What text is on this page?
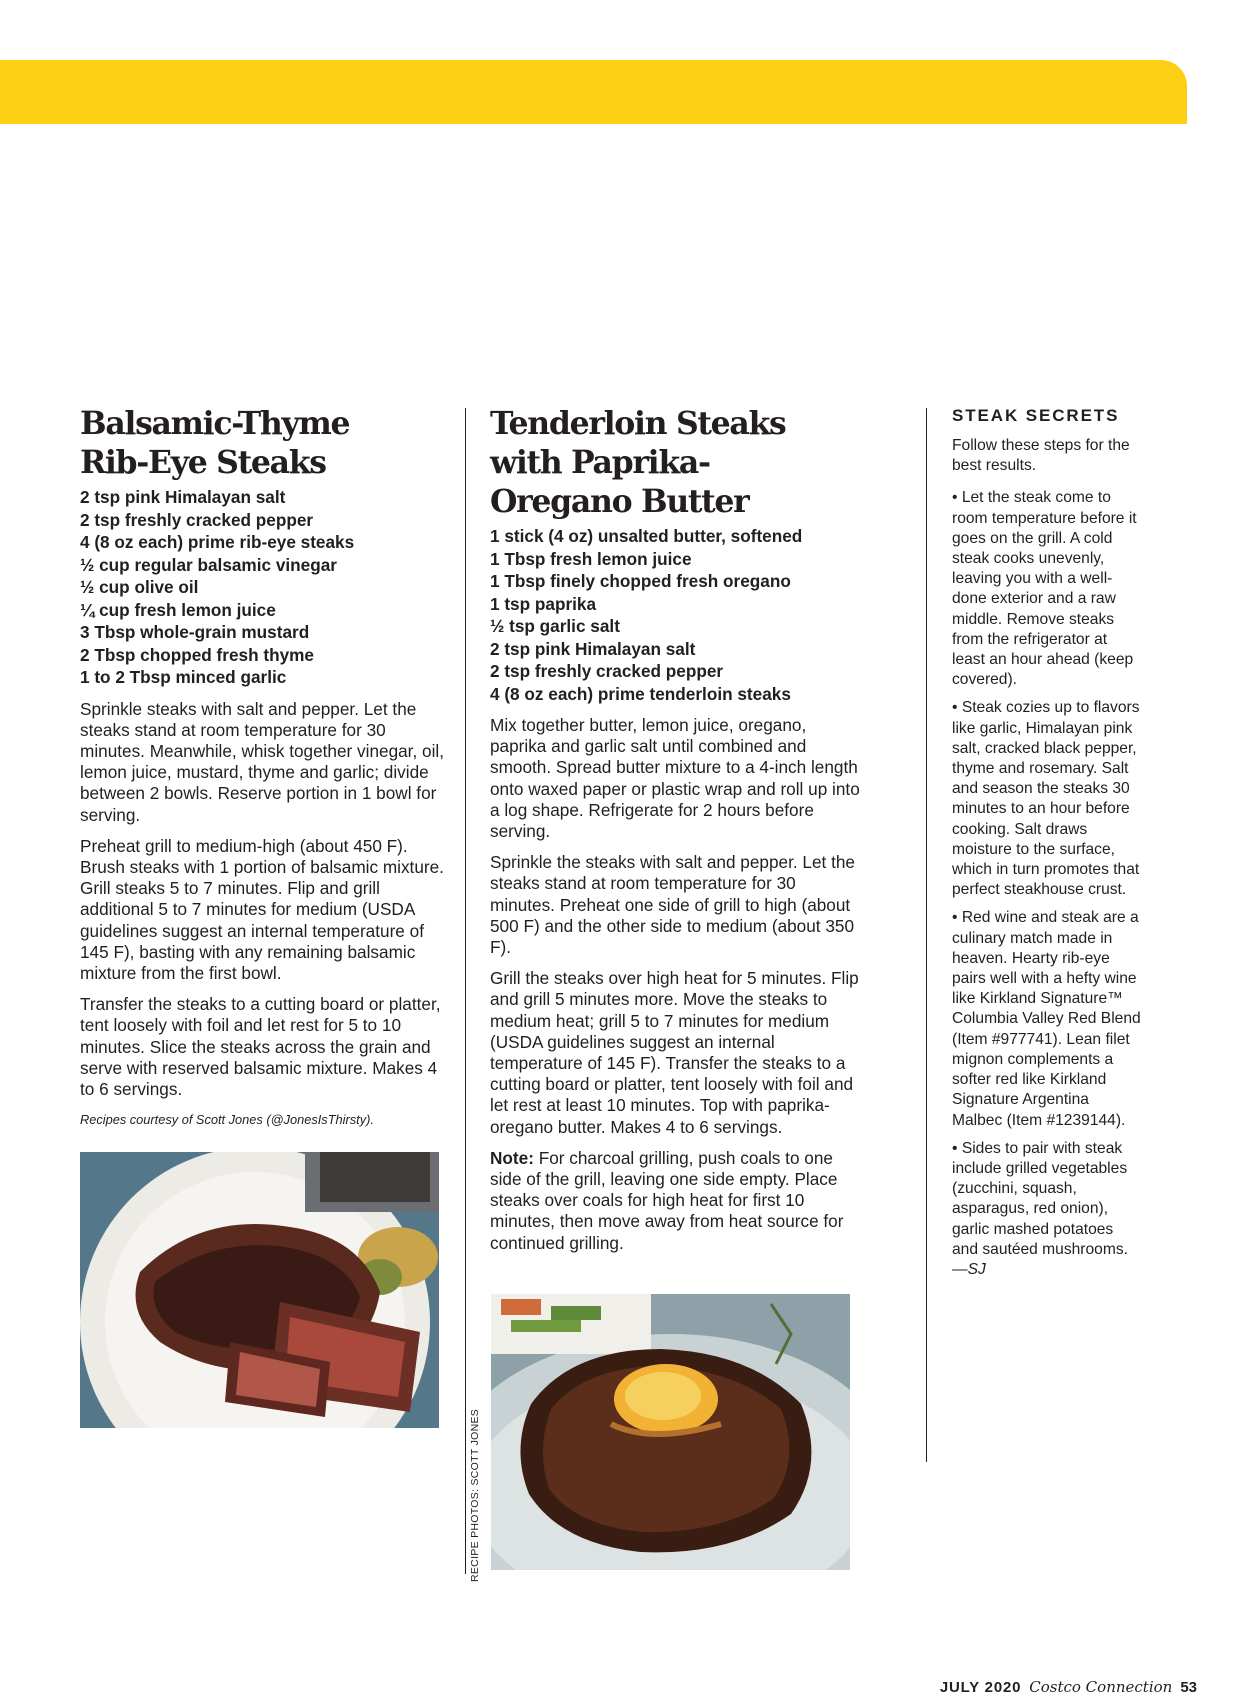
Balsamic-Thyme
Rib-Eye Steaks
2 tsp pink Himalayan salt
2 tsp freshly cracked pepper
4 (8 oz each) prime rib-eye steaks
½ cup regular balsamic vinegar
½ cup olive oil
¼ cup fresh lemon juice
3 Tbsp whole-grain mustard
2 Tbsp chopped fresh thyme
1 to 2 Tbsp minced garlic

Sprinkle steaks with salt and pepper. Let the steaks stand at room temperature for 30 minutes. Meanwhile, whisk together vinegar, oil, lemon juice, mustard, thyme and garlic; divide between 2 bowls. Reserve portion in 1 bowl for serving.

Preheat grill to medium-high (about 450 F). Brush steaks with 1 portion of balsamic mixture. Grill steaks 5 to 7 minutes. Flip and grill additional 5 to 7 minutes for medium (USDA guidelines suggest an internal temperature of 145 F), basting with any remaining balsamic mixture from the first bowl.

Transfer the steaks to a cutting board or platter, tent loosely with foil and let rest for 5 to 10 minutes. Slice the steaks across the grain and serve with reserved balsamic mixture. Makes 4 to 6 servings.

Recipes courtesy of Scott Jones (@JonesIsThirsty).

Tenderloin Steaks
with Paprika-
Oregano Butter
1 stick (4 oz) unsalted butter, softened
1 Tbsp fresh lemon juice
1 Tbsp finely chopped fresh oregano
1 tsp paprika
½ tsp garlic salt
2 tsp pink Himalayan salt
2 tsp freshly cracked pepper
4 (8 oz each) prime tenderloin steaks

Mix together butter, lemon juice, oregano, paprika and garlic salt until combined and smooth. Spread butter mixture to a 4-inch length onto waxed paper or plastic wrap and roll up into a log shape. Refrigerate for 2 hours before serving.

Sprinkle the steaks with salt and pepper. Let the steaks stand at room temperature for 30 minutes. Preheat one side of grill to high (about 500 F) and the other side to medium (about 350 F).

Grill the steaks over high heat for 5 minutes. Flip and grill 5 minutes more. Move the steaks to medium heat; grill 5 to 7 minutes for medium (USDA guidelines suggest an internal temperature of 145 F). Transfer the steaks to a cutting board or platter, tent loosely with foil and let rest at least 10 minutes. Top with paprika-oregano butter. Makes 4 to 6 servings.

Note: For charcoal grilling, push coals to one side of the grill, leaving one side empty. Place steaks over coals for high heat for first 10 minutes, then move away from heat source for continued grilling.

RECIPE PHOTOS: SCOTT JONES
STEAK SECRETS

Follow these steps for the best results.

• Let the steak come to room temperature before it goes on the grill. A cold steak cooks unevenly, leaving you with a well-done exterior and a raw middle. Remove steaks from the refrigerator at least an hour ahead (keep covered).

• Steak cozies up to flavors like garlic, Himalayan pink salt, cracked black pepper, thyme and rosemary. Salt and season the steaks 30 minutes to an hour before cooking. Salt draws moisture to the surface, which in turn promotes that perfect steakhouse crust.

• Red wine and steak are a culinary match made in heaven. Hearty rib-eye pairs well with a hefty wine like Kirkland Signature™ Columbia Valley Red Blend (Item #977741). Lean filet mignon complements a softer red like Kirkland Signature Argentina Malbec (Item #1239144).

• Sides to pair with steak include grilled vegetables (zucchini, squash, asparagus, red onion), garlic mashed potatoes and sautéed mushrooms.—SJ

JULY 2020 Costco Connection 53
